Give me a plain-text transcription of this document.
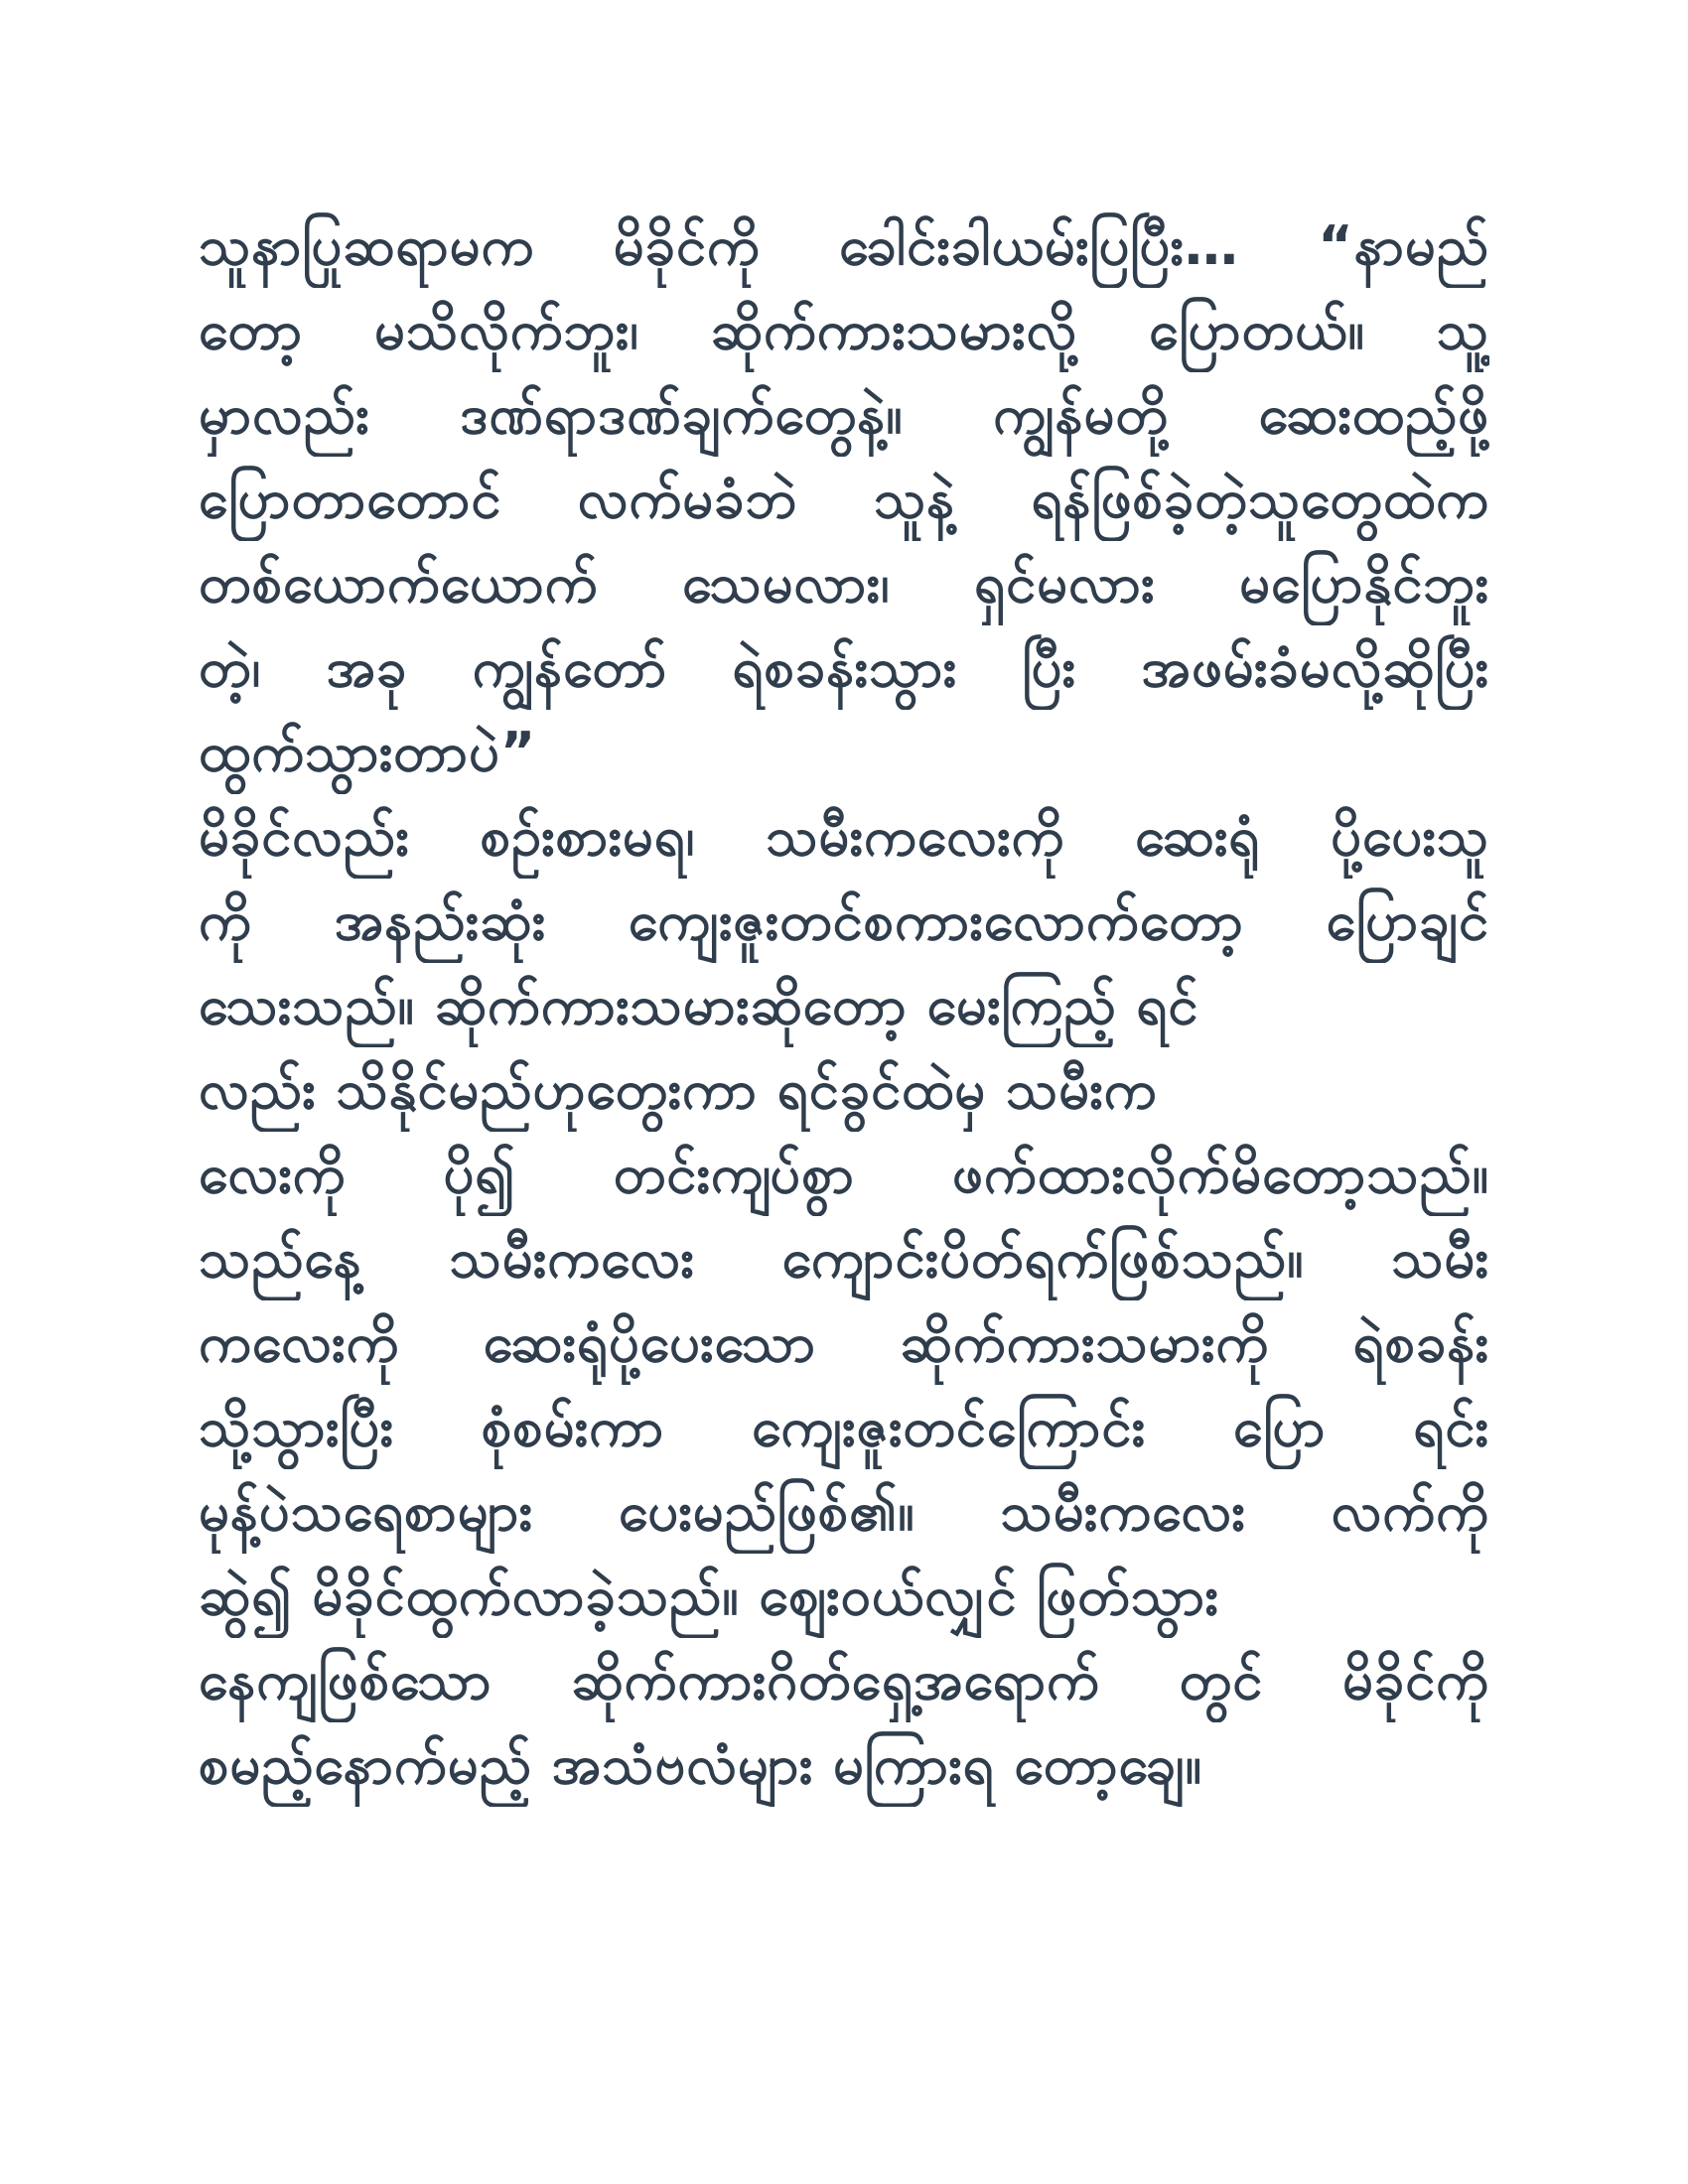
သူနာပြုဆရာမက မိခိုင်ကို ခေါင်းခါယမ်းပြပြီး… “နာမည်
တော့ မသိလိုက်ဘူး၊ ဆိုက်ကားသမားလို့ ပြောတယ်။ သူ့
မှာလည်း ဒဏ်ရာဒဏ်ချက်တွေနဲ့။ ကျွန်မတို့ ဆေးထည့်ဖို့
ပြောတာတောင် လက်မခံဘဲ သူနဲ့ ရန်ဖြစ်ခဲ့တဲ့သူတွေထဲက
တစ်ယောက်ယောက် သေမလား၊ ရှင်မလား မပြောနိုင်ဘူး
တဲ့၊ အခု ကျွန်တော် ရဲစခန်းသွား ပြီး အဖမ်းခံမလို့ဆိုပြီး
ထွက်သွားတာပဲ”
မိခိုင်လည်း စဉ်းစားမရ၊ သမီးကလေးကို ဆေးရုံ ပို့ပေးသူ
ကို အနည်းဆုံး ကျေးဇူးတင်စကားလောက်တော့ ပြောချင်
သေးသည်။ ဆိုက်ကားသမားဆိုတော့ မေးကြည့် ရင်
လည်း သိနိုင်မည်ဟုတွေးကာ ရင်ခွင်ထဲမှ သမီးက
လေးကို ပို၍ တင်းကျပ်စွာ ဖက်ထားလိုက်မိတော့သည်။
သည်နေ့ သမီးကလေး ကျောင်းပိတ်ရက်ဖြစ်သည်။ သမီး
ကလေးကို ဆေးရုံပို့ပေးသော ဆိုက်ကားသမားကို ရဲစခန်း
သို့သွားပြီး စုံစမ်းကာ ကျေးဇူးတင်ကြောင်း ပြော ရင်း
မုန့်ပဲသရေစာများ ပေးမည်ဖြစ်၏။ သမီးကလေး လက်ကို
ဆွဲ၍ မိခိုင်ထွက်လာခဲ့သည်။ ဈေးဝယ်လျှင် ဖြတ်သွား
နေကျဖြစ်သော ဆိုက်ကားဂိတ်ရှေ့အရောက် တွင် မိခိုင်ကို
စမည့်နောက်မည့် အသံဗလံများ မကြားရ တော့ချေ။
